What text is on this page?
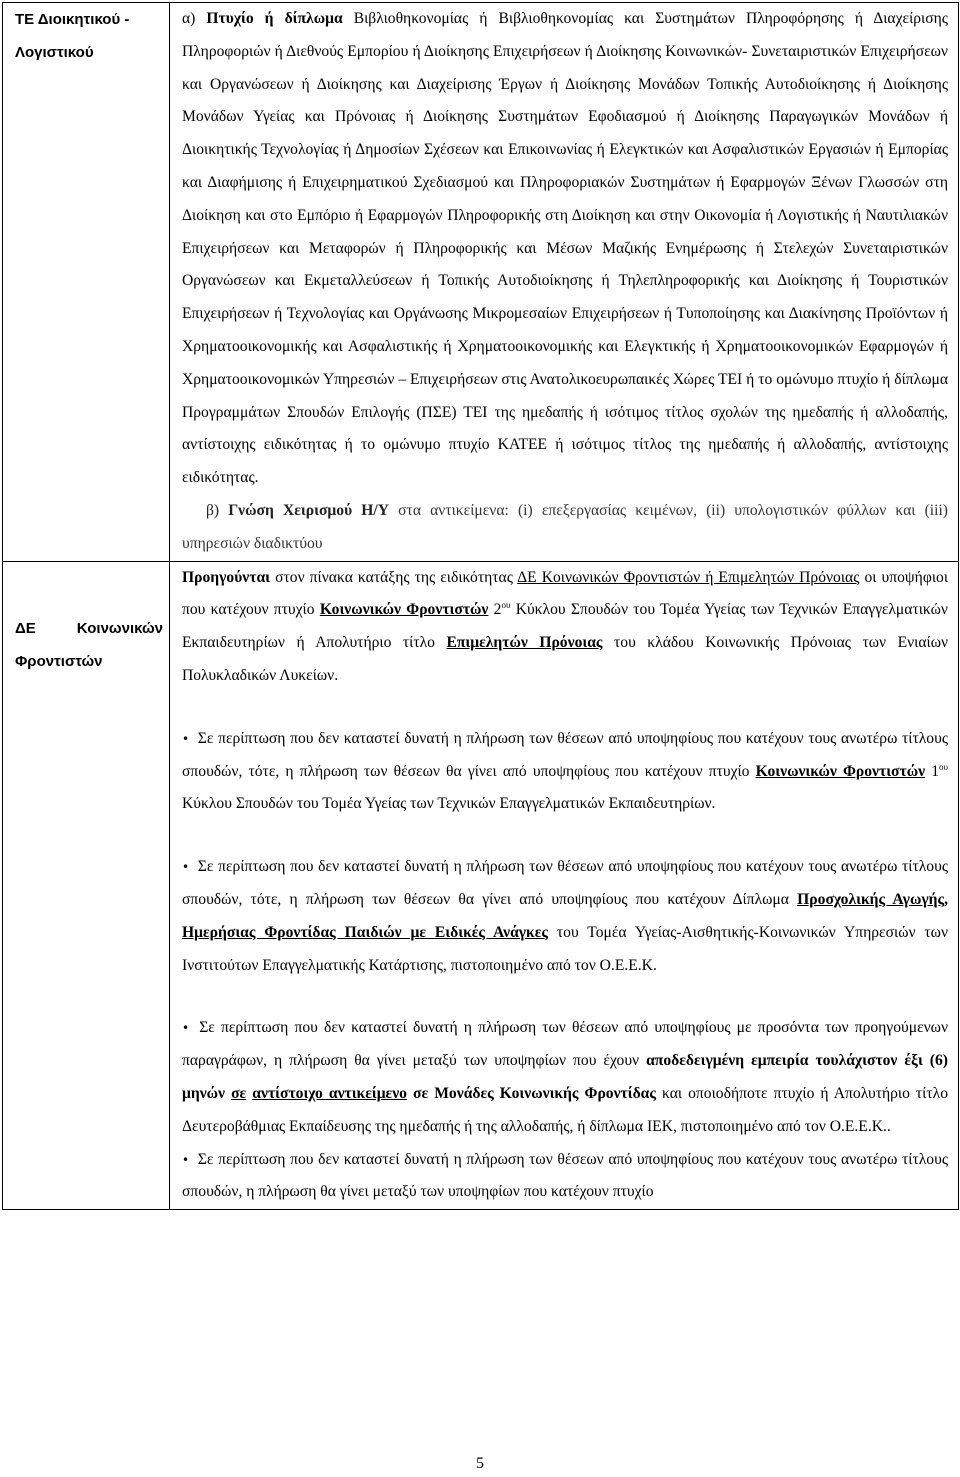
ΤΕ Διοικητικού - Λογιστικού	α) Πτυχίο ή δίπλωμα Βιβλιοθηκονομίας ή Βιβλιοθηκονομίας και Συστημάτων Πληροφόρησης ή Διαχείρισης Πληροφοριών ή Διεθνούς Εμπορίου ή Διοίκησης Επιχειρήσεων ή Διοίκησης Κοινωνικών- Συνεταιριστικών Επιχειρήσεων και Οργανώσεων ή Διοίκησης και Διαχείρισης Έργων ή Διοίκησης Μονάδων Τοπικής Αυτοδιοίκησης ή Διοίκησης Μονάδων Υγείας και Πρόνοιας ή Διοίκησης Συστημάτων Εφοδιασμού ή Διοίκησης Παραγωγικών Μονάδων ή Διοικητικής Τεχνολογίας ή Δημοσίων Σχέσεων και Επικοινωνίας ή Ελεγκτικών και Ασφαλιστικών Εργασιών ή Εμπορίας και Διαφήμισης ή Επιχειρηματικού Σχεδιασμού και Πληροφοριακών Συστημάτων ή Εφαρμογών Ξένων Γλωσσών στη Διοίκηση και στο Εμπόριο ή Εφαρμογών Πληροφορικής στη Διοίκηση και στην Οικονομία ή Λογιστικής ή Ναυτιλιακών Επιχειρήσεων και Μεταφορών ή Πληροφορικής και Μέσων Μαζικής Ενημέρωσης ή Στελεχών Συνεταιριστικών Οργανώσεων και Εκμεταλλεύσεων ή Τοπικής Αυτοδιοίκησης ή Τηλεπληροφορικής και Διοίκησης ή Τουριστικών Επιχειρήσεων ή Τεχνολογίας και Οργάνωσης Μικρομεσαίων Επιχειρήσεων ή Τυποποίησης και Διακίνησης Προϊόντων ή Χρηματοοικονομικής και Ασφαλιστικής ή Χρηματοοικονομικής και Ελεγκτικής ή Χρηματοοικονομικών Εφαρμογών ή Χρηματοοικονομικών Υπηρεσιών – Επιχειρήσεων στις Ανατολικοευρωπαικές Χώρες ΤΕΙ ή το ομώνυμο πτυχίο ή δίπλωμα Προγραμμάτων Σπουδών Επιλογής (ΠΣΕ) ΤΕΙ της ημεδαπής ή ισότιμος τίτλος σχολών της ημεδαπής ή αλλοδαπής, αντίστοιχης ειδικότητας ή το ομώνυμο πτυχίο ΚΑΤΕΕ ή ισότιμος τίτλος της ημεδαπής ή αλλοδαπής, αντίστοιχης ειδικότητας.
β) Γνώση Χειρισμού Η/Υ στα αντικείμενα: (i) επεξεργασίας κειμένων, (ii) υπολογιστικών φύλλων και (iii) υπηρεσιών διαδικτύου

ΔΕ Κοινωνικών Φροντιστών	Προηγούνται στον πίνακα κατάξης της ειδικότητας ΔΕ Κοινωνικών Φροντιστών ή Επιμελητών Πρόνοιας οι υποψήφιοι που κατέχουν πτυχίο Κοινωνικών Φροντιστών $2^{o\upsilon}$ Κύκλου Σπουδών του Τομέα Υγείας των Τεχνικών Επαγγελματικών Εκπαιδευτηρίων ή Απολυτήριο τίτλο Επιμελητών Πρόνοιας του κλάδου Κοινωνικής Πρόνοιας των Ενιαίων Πολυκλαδικών Λυκείων.
• Σε περίπτωση που δεν καταστεί δυνατή η πλήρωση των θέσεων από υποψηφίους που κατέχουν τους ανωτέρω τίτλους σπουδών, τότε, η πλήρωση των θέσεων θα γίνει από υποψηφίους που κατέχουν πτυχίο Κοινωνικών Φροντιστών $1^{o\upsilon}$ Κύκλου Σπουδών του Τομέα Υγείας των Τεχνικών Επαγγελματικών Εκπαιδευτηρίων.
• Σε περίπτωση που δεν καταστεί δυνατή η πλήρωση των θέσεων από υποψηφίους που κατέχουν τους ανωτέρω τίτλους σπουδών, τότε, η πλήρωση των θέσεων θα γίνει από υποψηφίους που κατέχουν Δίπλωμα Προσχολικής Αγωγής, Ημερήσιας Φροντίδας Παιδιών με Ειδικές Ανάγκες του Τομέα Υγείας-Αισθητικής-Κοινωνικών Υπηρεσιών των Ινστιτούτων Επαγγελματικής Κατάρτισης, πιστοποιημένο από τον Ο.Ε.Ε.Κ.
• Σε περίπτωση που δεν καταστεί δυνατή η πλήρωση των θέσεων από υποψηφίους με προσόντα των προηγούμενων παραγράφων, η πλήρωση θα γίνει μεταξύ των υποψηφίων που έχουν αποδεδειγμένη εμπειρία τουλάχιστον έξι (6) μηνών σε αντίστοιχο αντικείμενο σε Μονάδες Κοινωνικής Φροντίδας και οποιοδήποτε πτυχίο ή Απολυτήριο τίτλο Δευτεροβάθμιας Εκπαίδευσης της ημεδαπής ή της αλλοδαπής, ή δίπλωμα ΙΕΚ, πιστοποιημένο από τον Ο.Ε.Ε.Κ..
• Σε περίπτωση που δεν καταστεί δυνατή η πλήρωση των θέσεων από υποψηφίους που κατέχουν τους ανωτέρω τίτλους σπουδών, η πλήρωση θα γίνει μεταξύ των υποψηφίων που κατέχουν πτυχίο
5
